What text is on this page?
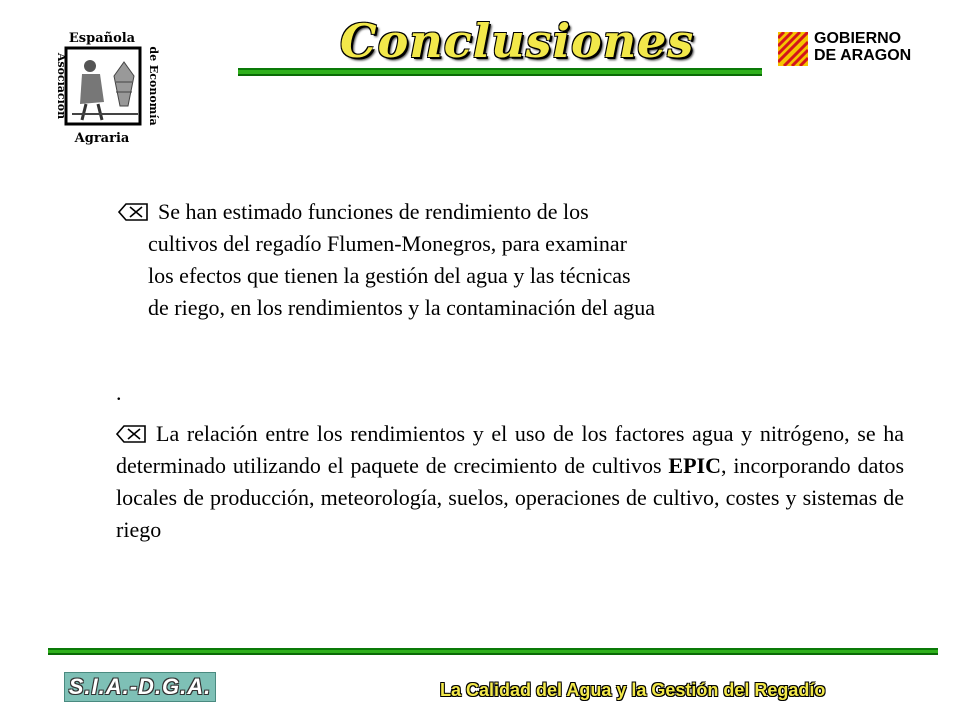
Española
Asociación	de Economía
Agraria
Conclusiones	GOBIERNO
DE ARAGON
Se han estimado funciones de rendimiento de los
cultivos del regadío Flumen-Monegros, para examinar
los efectos que tienen la gestión del agua y las técnicas
de riego, en los rendimientos y la contaminación del agua
.
La relación entre los rendimientos y el uso de los factores agua y nitrógeno, se ha determinado utilizando el paquete de crecimiento de cultivos EPIC, incorporando datos locales de producción, meteorología, suelos, operaciones de cultivo, costes y sistemas de riego
S.I.A.-D.G.A.	La Calidad del Agua y la Gestión del Regadío
